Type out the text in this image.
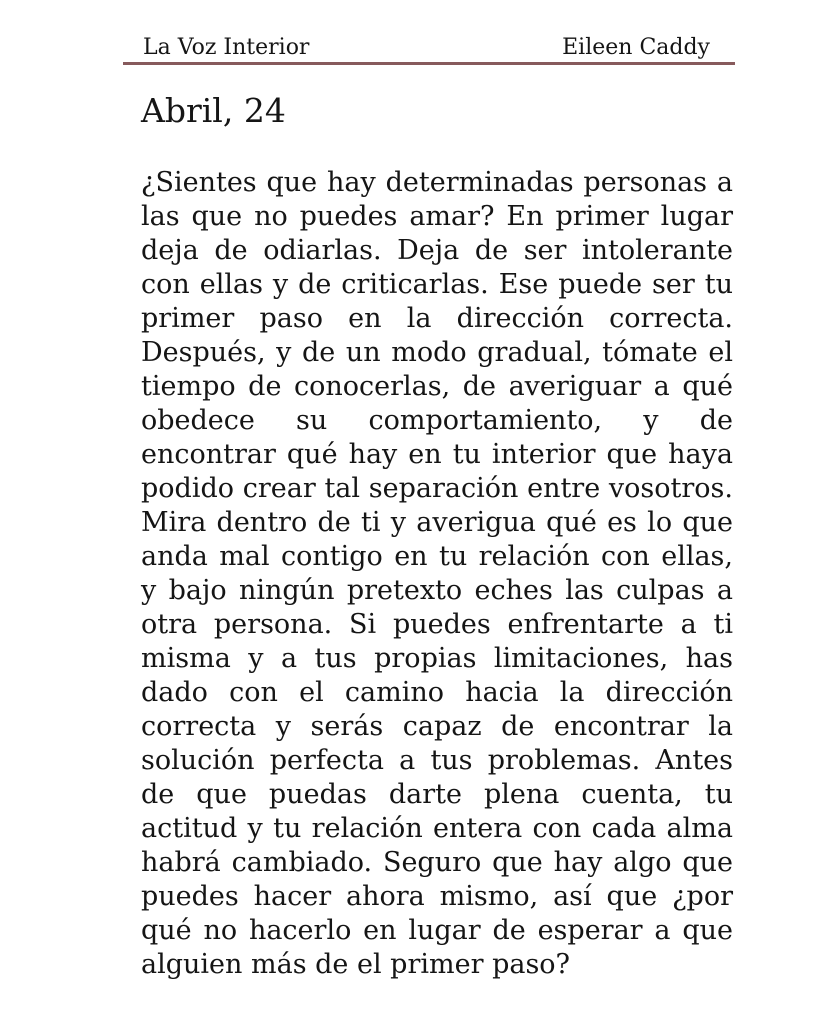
La Voz Interior	Eileen Caddy
Abril, 24

¿Sientes que hay determinadas personas a las que no puedes amar? En primer lugar deja de odiarlas. Deja de ser intolerante con ellas y de criticarlas. Ese puede ser tu primer paso en la dirección correcta. Después, y de un modo gradual, tómate el tiempo de conocerlas, de averiguar a qué obedece su comportamiento, y de encontrar qué hay en tu interior que haya podido crear tal separación entre vosotros. Mira dentro de ti y averigua qué es lo que anda mal contigo en tu relación con ellas, y bajo ningún pretexto eches las culpas a otra persona. Si puedes enfrentarte a ti misma y a tus propias limitaciones, has dado con el camino hacia la dirección correcta y serás capaz de encontrar la solución perfecta a tus problemas. Antes de que puedas darte plena cuenta, tu actitud y tu relación entera con cada alma habrá cambiado. Seguro que hay algo que puedes hacer ahora mismo, así que ¿por qué no hacerlo en lugar de esperar a que alguien más de el primer paso?
